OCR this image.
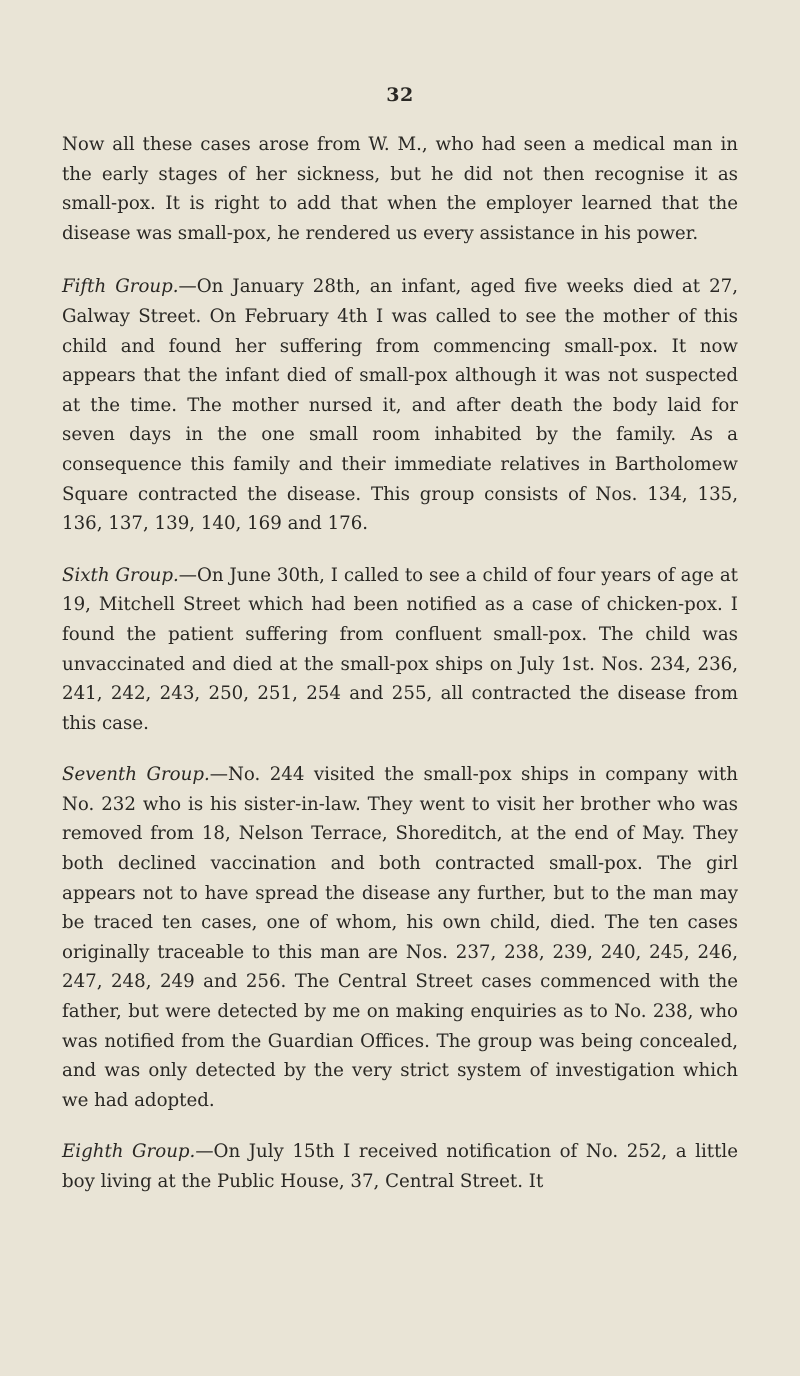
32

Now all these cases arose from W. M., who had seen a medical man in the early stages of her sickness, but he did not then recognise it as small-pox. It is right to add that when the employer learned that the disease was small-pox, he rendered us every assistance in his power.

Fifth Group.—On January 28th, an infant, aged five weeks died at 27, Galway Street. On February 4th I was called to see the mother of this child and found her suffering from commencing small-pox. It now appears that the infant died of small-pox although it was not suspected at the time. The mother nursed it, and after death the body laid for seven days in the one small room inhabited by the family. As a consequence this family and their immediate relatives in Bartholomew Square contracted the disease. This group consists of Nos. 134, 135, 136, 137, 139, 140, 169 and 176.

Sixth Group.—On June 30th, I called to see a child of four years of age at 19, Mitchell Street which had been notified as a case of chicken-pox. I found the patient suffering from confluent small-pox. The child was unvaccinated and died at the small-pox ships on July 1st. Nos. 234, 236, 241, 242, 243, 250, 251, 254 and 255, all contracted the disease from this case.

Seventh Group.—No. 244 visited the small-pox ships in company with No. 232 who is his sister-in-law. They went to visit her brother who was removed from 18, Nelson Terrace, Shoreditch, at the end of May. They both declined vaccination and both contracted small-pox. The girl appears not to have spread the disease any further, but to the man may be traced ten cases, one of whom, his own child, died. The ten cases originally traceable to this man are Nos. 237, 238, 239, 240, 245, 246, 247, 248, 249 and 256. The Central Street cases commenced with the father, but were detected by me on making enquiries as to No. 238, who was notified from the Guardian Offices. The group was being concealed, and was only detected by the very strict system of investigation which we had adopted.

Eighth Group.—On July 15th I received notification of No. 252, a little boy living at the Public House, 37, Central Street. It
